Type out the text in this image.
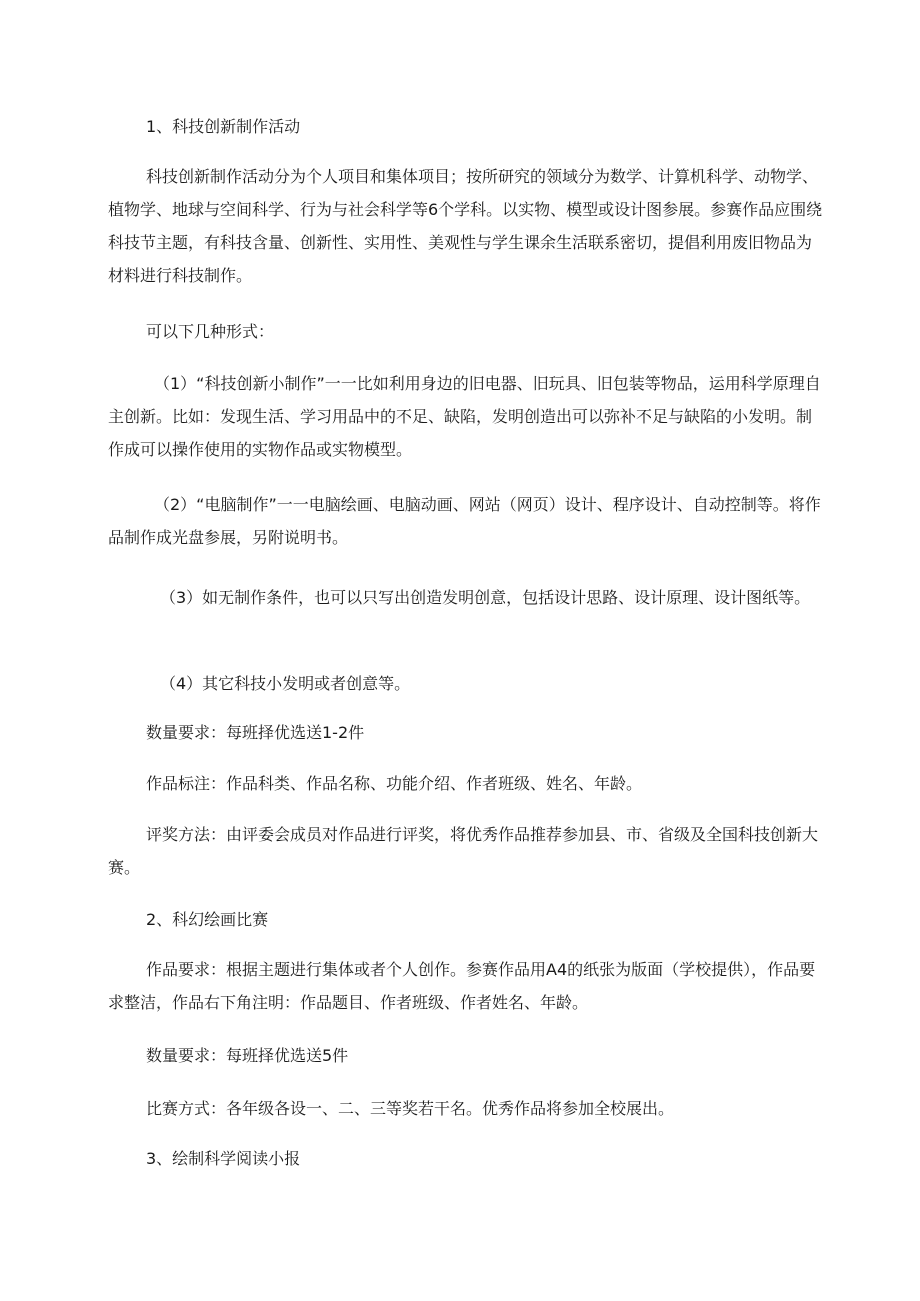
1、科技创新制作活动

科技创新制作活动分为个人项目和集体项目；按所研究的领域分为数学、计算机科学、动物学、植物学、地球与空间科学、行为与社会科学等6个学科。以实物、模型或设计图参展。参赛作品应围绕科技节主题，有科技含量、创新性、实用性、美观性与学生课余生活联系密切，提倡利用废旧物品为材料进行科技制作。

可以下几种形式：

（1）“科技创新小制作”一一比如利用身边的旧电器、旧玩具、旧包装等物品，运用科学原理自主创新。比如：发现生活、学习用品中的不足、缺陷，发明创造出可以弥补不足与缺陷的小发明。制作成可以操作使用的实物作品或实物模型。

（2）“电脑制作”一一电脑绘画、电脑动画、网站（网页）设计、程序设计、自动控制等。将作品制作成光盘参展，另附说明书。

（3）如无制作条件，也可以只写出创造发明创意，包括设计思路、设计原理、设计图纸等。

（4）其它科技小发明或者创意等。

数量要求：每班择优选送1-2件

作品标注：作品科类、作品名称、功能介绍、作者班级、姓名、年龄。

评奖方法：由评委会成员对作品进行评奖，将优秀作品推荐参加县、市、省级及全国科技创新大赛。

2、科幻绘画比赛

作品要求：根据主题进行集体或者个人创作。参赛作品用A4的纸张为版面（学校提供），作品要求整洁，作品右下角注明：作品题目、作者班级、作者姓名、年龄。

数量要求：每班择优选送5件

比赛方式：各年级各设一、二、三等奖若干名。优秀作品将参加全校展出。

3、绘制科学阅读小报
